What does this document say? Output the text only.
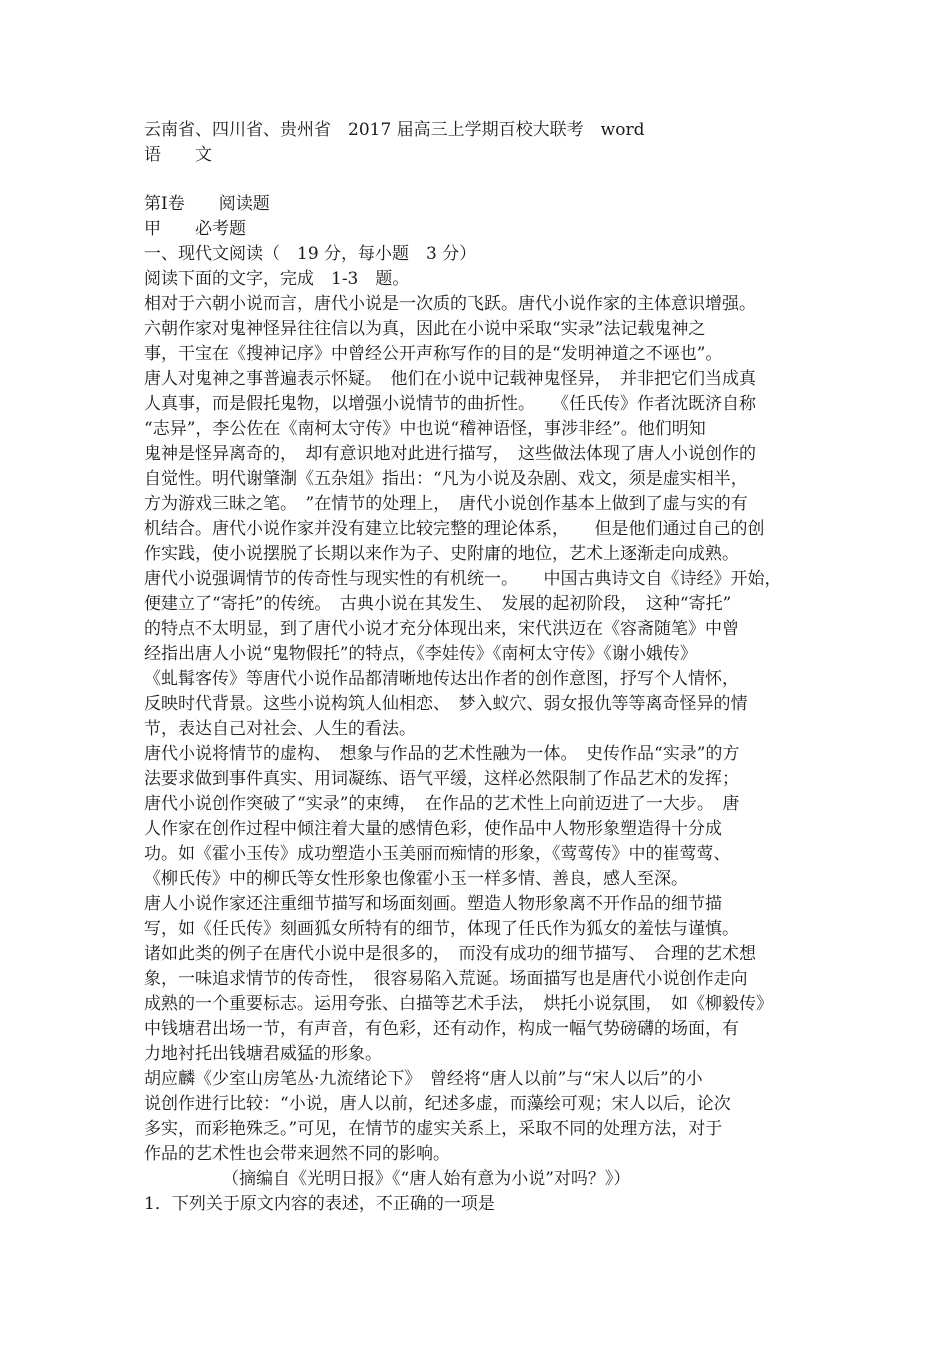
云南省、四川省、贵州省　2017 届高三上学期百校大联考　word
语　　文
第Ⅰ卷　　阅读题
甲　　必考题
一、现代文阅读（　19 分，每小题　3 分）
阅读下面的文字，完成　1-3　题。
相对于六朝小说而言，唐代小说是一次质的飞跃。唐代小说作家的主体意识增强。
六朝作家对鬼神怪异往往信以为真，因此在小说中采取“实录”法记载鬼神之
事，干宝在《搜神记序》中曾经公开声称写作的目的是“发明神道之不诬也”。
唐人对鬼神之事普遍表示怀疑。　他们在小说中记载神鬼怪异，　并非把它们当成真
人真事，而是假托鬼物，以增强小说情节的曲折性。　　《任氏传》作者沈既济自称
“志异”，李公佐在《南柯太守传》中也说“稽神语怪，事涉非经”。他们明知
鬼神是怪异离奇的，　却有意识地对此进行描写，　这些做法体现了唐人小说创作的
自觉性。明代谢肇淛《五杂俎》指出：“凡为小说及杂剧、戏文，须是虚实相半，
方为游戏三昧之笔。　”在情节的处理上，　唐代小说创作基本上做到了虚与实的有
机结合。唐代小说作家并没有建立比较完整的理论体系，　　但是他们通过自己的创
作实践，使小说摆脱了长期以来作为子、史附庸的地位，艺术上逐渐走向成熟。
唐代小说强调情节的传奇性与现实性的有机统一。　　中国古典诗文自《诗经》开始，
便建立了“寄托”的传统。　古典小说在其发生、　发展的起初阶段，　这种“寄托”
的特点不太明显，到了唐代小说才充分体现出来，宋代洪迈在《容斋随笔》中曾
经指出唐人小说“鬼物假托”的特点，《李娃传》《南柯太守传》《谢小娥传》
《虬髯客传》等唐代小说作品都清晰地传达出作者的创作意图，抒写个人情怀，
反映时代背景。这些小说构筑人仙相恋、　梦入蚁穴、弱女报仇等等离奇怪异的情
节，表达自己对社会、人生的看法。
唐代小说将情节的虚构、　想象与作品的艺术性融为一体。　史传作品“实录”的方
法要求做到事件真实、用词凝练、语气平缓，这样必然限制了作品艺术的发挥；
唐代小说创作突破了“实录”的束缚，　在作品的艺术性上向前迈进了一大步。　唐
人作家在创作过程中倾注着大量的感情色彩，使作品中人物形象塑造得十分成
功。如《霍小玉传》成功塑造小玉美丽而痴情的形象，《莺莺传》中的崔莺莺、
《柳氏传》中的柳氏等女性形象也像霍小玉一样多情、善良，感人至深。
唐人小说作家还注重细节描写和场面刻画。塑造人物形象离不开作品的细节描
写，如《任氏传》刻画狐女所特有的细节，体现了任氏作为狐女的羞怯与谨慎。
诸如此类的例子在唐代小说中是很多的，　而没有成功的细节描写、　合理的艺术想
象，一味追求情节的传奇性，　很容易陷入荒诞。场面描写也是唐代小说创作走向
成熟的一个重要标志。运用夸张、白描等艺术手法，　烘托小说氛围，　如《柳毅传》
中钱塘君出场一节，有声音，有色彩，还有动作，构成一幅气势磅礴的场面，有
力地衬托出钱塘君威猛的形象。
胡应麟《少室山房笔丛·九流绪论下》　曾经将“唐人以前”与“宋人以后”的小
说创作进行比较：“小说，唐人以前，纪述多虚，而藻绘可观；宋人以后，论次
多实，而彩艳殊乏。”可见，在情节的虚实关系上，采取不同的处理方法，对于
作品的艺术性也会带来迥然不同的影响。
（摘编自《光明日报》《“唐人始有意为小说”对吗？》）
1．下列关于原文内容的表述，不正确的一项是
